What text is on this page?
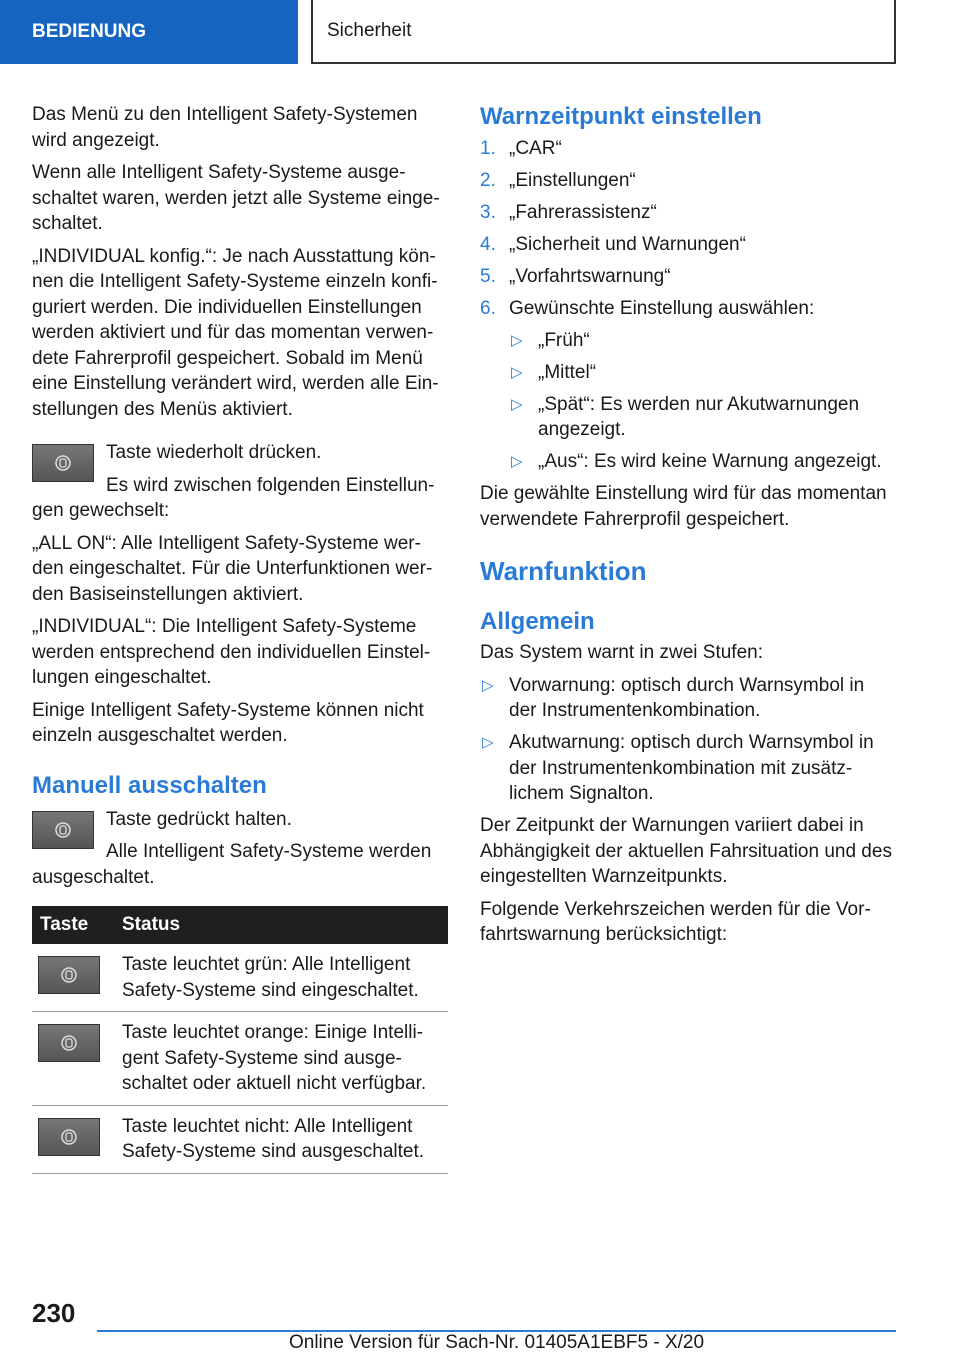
BEDIENUNG	Sicherheit

Das Menü zu den Intelligent Safety-Systemen wird angezeigt.

Wenn alle Intelligent Safety-Systeme ausge‐schaltet waren, werden jetzt alle Systeme einge‐schaltet.

„INDIVIDUAL konfig.“: Je nach Ausstattung kön‐nen die Intelligent Safety-Systeme einzeln konfi‐guriert werden. Die individuellen Einstellungen werden aktiviert und für das momentan verwen‐dete Fahrerprofil gespeichert. Sobald im Menü eine Einstellung verändert wird, werden alle Ein‐stellungen des Menüs aktiviert.

Taste wiederholt drücken.

Es wird zwischen folgenden Einstellun‐gen gewechselt:

„ALL ON“: Alle Intelligent Safety-Systeme wer‐den eingeschaltet. Für die Unterfunktionen wer‐den Basiseinstellungen aktiviert.

„INDIVIDUAL“: Die Intelligent Safety-Systeme werden entsprechend den individuellen Einstel‐lungen eingeschaltet.

Einige Intelligent Safety-Systeme können nicht einzeln ausgeschaltet werden.

Manuell ausschalten

Taste gedrückt halten.

Alle Intelligent Safety-Systeme werden ausgeschaltet.

Taste	Status

	Taste leuchtet grün: Alle Intelligent Safety-Systeme sind eingeschaltet.

	Taste leuchtet orange: Einige Intelli‐gent Safety-Systeme sind ausge‐schaltet oder aktuell nicht verfügbar.

	Taste leuchtet nicht: Alle Intelligent Safety-Systeme sind ausgeschaltet.
Warnzeitpunkt einstellen
1. „CAR“
2. „Einstellungen“
3. „Fahrerassistenz“
4. „Sicherheit und Warnungen“
5. „Vorfahrtswarnung“
6. Gewünschte Einstellung auswählen:
▷ „Früh“
▷ „Mittel“
▷ „Spät“: Es werden nur Akutwarnungen angezeigt.
▷ „Aus“: Es wird keine Warnung angezeigt.

Die gewählte Einstellung wird für das momentan verwendete Fahrerprofil gespeichert.

Warnfunktion
Allgemein

Das System warnt in zwei Stufen:

▷ Vorwarnung: optisch durch Warnsymbol in der Instrumentenkombination.
▷ Akutwarnung: optisch durch Warnsymbol in der Instrumentenkombination mit zusätz‐lichem Signalton.

Der Zeitpunkt der Warnungen variiert dabei in Abhängigkeit der aktuellen Fahrsituation und des eingestellten Warnzeitpunkts.

Folgende Verkehrszeichen werden für die Vor‐fahrtswarnung berücksichtigt:

230
Online Version für Sach-Nr. 01405A1EBF5 - X/20
